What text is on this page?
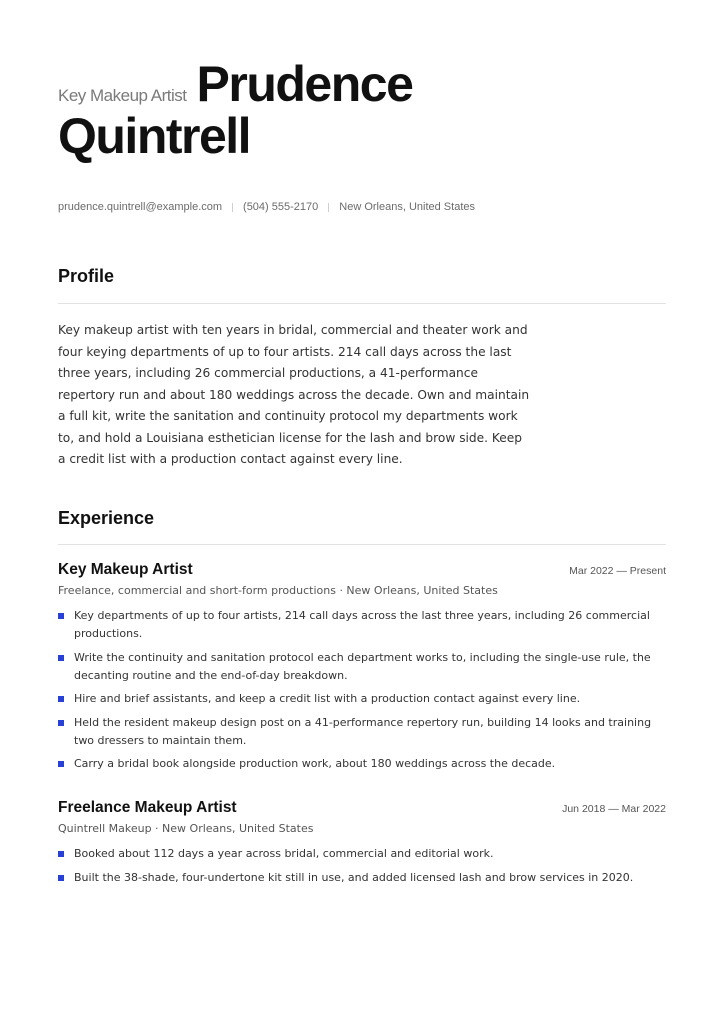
Key Makeup Artist Prudence
Quintrell
prudence.quintrell@example.com (504) 555-2170 New Orleans, United States
Profile
Key makeup artist with ten years in bridal, commercial and theater work and four keying departments of up to four artists. 214 call days across the last three years, including 26 commercial productions, a 41-performance repertory run and about 180 weddings across the decade. Own and maintain a full kit, write the sanitation and continuity protocol my departments work to, and hold a Louisiana esthetician license for the lash and brow side. Keep a credit list with a production contact against every line.
Experience
Key Makeup Artist	Mar 2022 — Present
Freelance, commercial and short-form productions · New Orleans, United States
Key departments of up to four artists, 214 call days across the last three years, including 26 commercial productions.
Write the continuity and sanitation protocol each department works to, including the single-use rule, the decanting routine and the end-of-day breakdown.
Hire and brief assistants, and keep a credit list with a production contact against every line.
Held the resident makeup design post on a 41-performance repertory run, building 14 looks and training two dressers to maintain them.
Carry a bridal book alongside production work, about 180 weddings across the decade.
Freelance Makeup Artist	Jun 2018 — Mar 2022
Quintrell Makeup · New Orleans, United States
Booked about 112 days a year across bridal, commercial and editorial work.
Built the 38-shade, four-undertone kit still in use, and added licensed lash and brow services in 2020.
